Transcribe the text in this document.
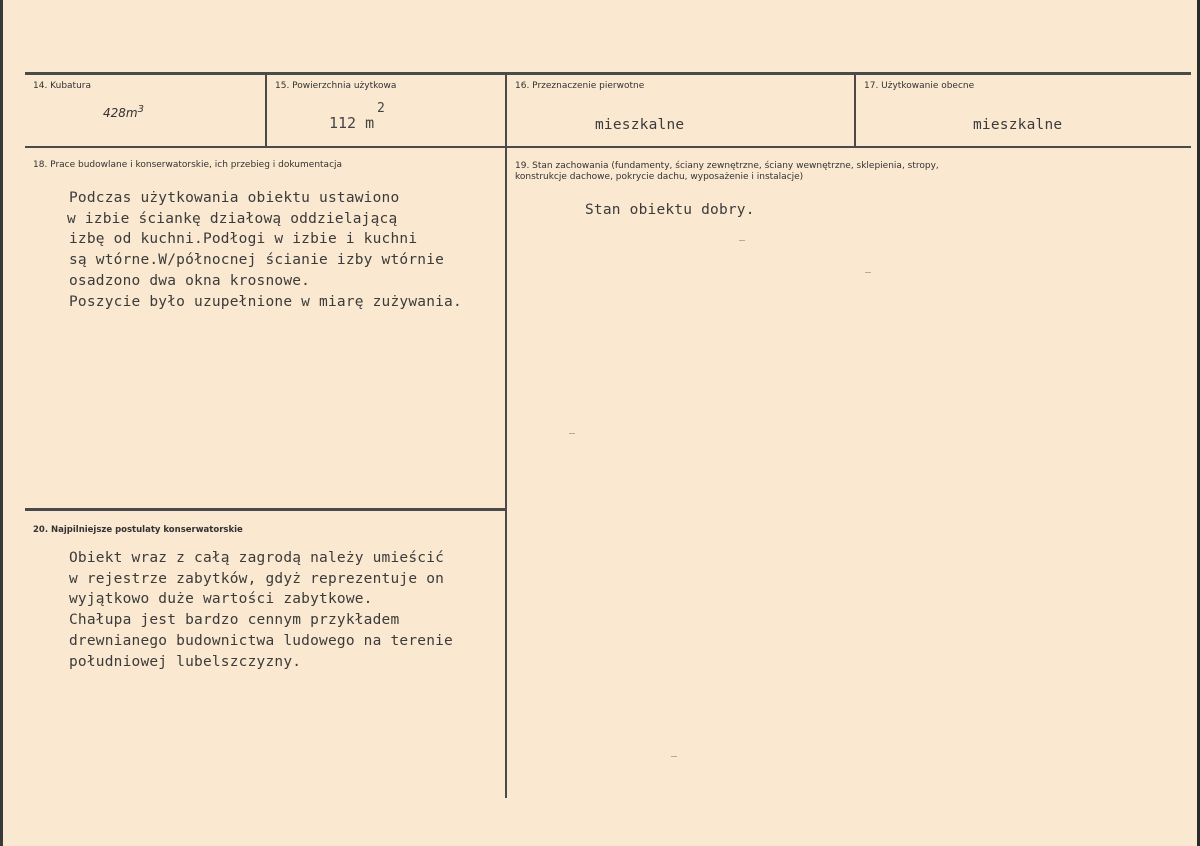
14. Kubatura
$428m^3$
15. Powierzchnia użytkowa
112 m
2
16. Przeznaczenie pierwotne
mieszkalne
17. Użytkowanie obecne
mieszkalne
18. Prace budowlane i konserwatorskie, ich przebieg i dokumentacja
Podczas użytkowania obiektu ustawiono
w izbie ściankę działową oddzielającą
izbę od kuchni.Podłogi w izbie i kuchni
są wtórne.W/północnej ścianie izby wtórnie
osadzono dwa okna krosnowe.
Poszycie było uzupełnione w miarę zużywania.
19. Stan zachowania (fundamenty, ściany zewnętrzne, ściany wewnętrzne, sklepienia, stropy,
konstrukcje dachowe, pokrycie dachu, wyposażenie i instalacje)
Stan obiektu dobry.
20. Najpilniejsze postulaty konserwatorskie
Obiekt wraz z całą zagrodą należy umieścić
w rejestrze zabytków, gdyż reprezentuje on
wyjątkowo duże wartości zabytkowe.
Chałupa jest bardzo cennym przykładem
drewnianego budownictwa ludowego na terenie
południowej lubelszczyzny.
